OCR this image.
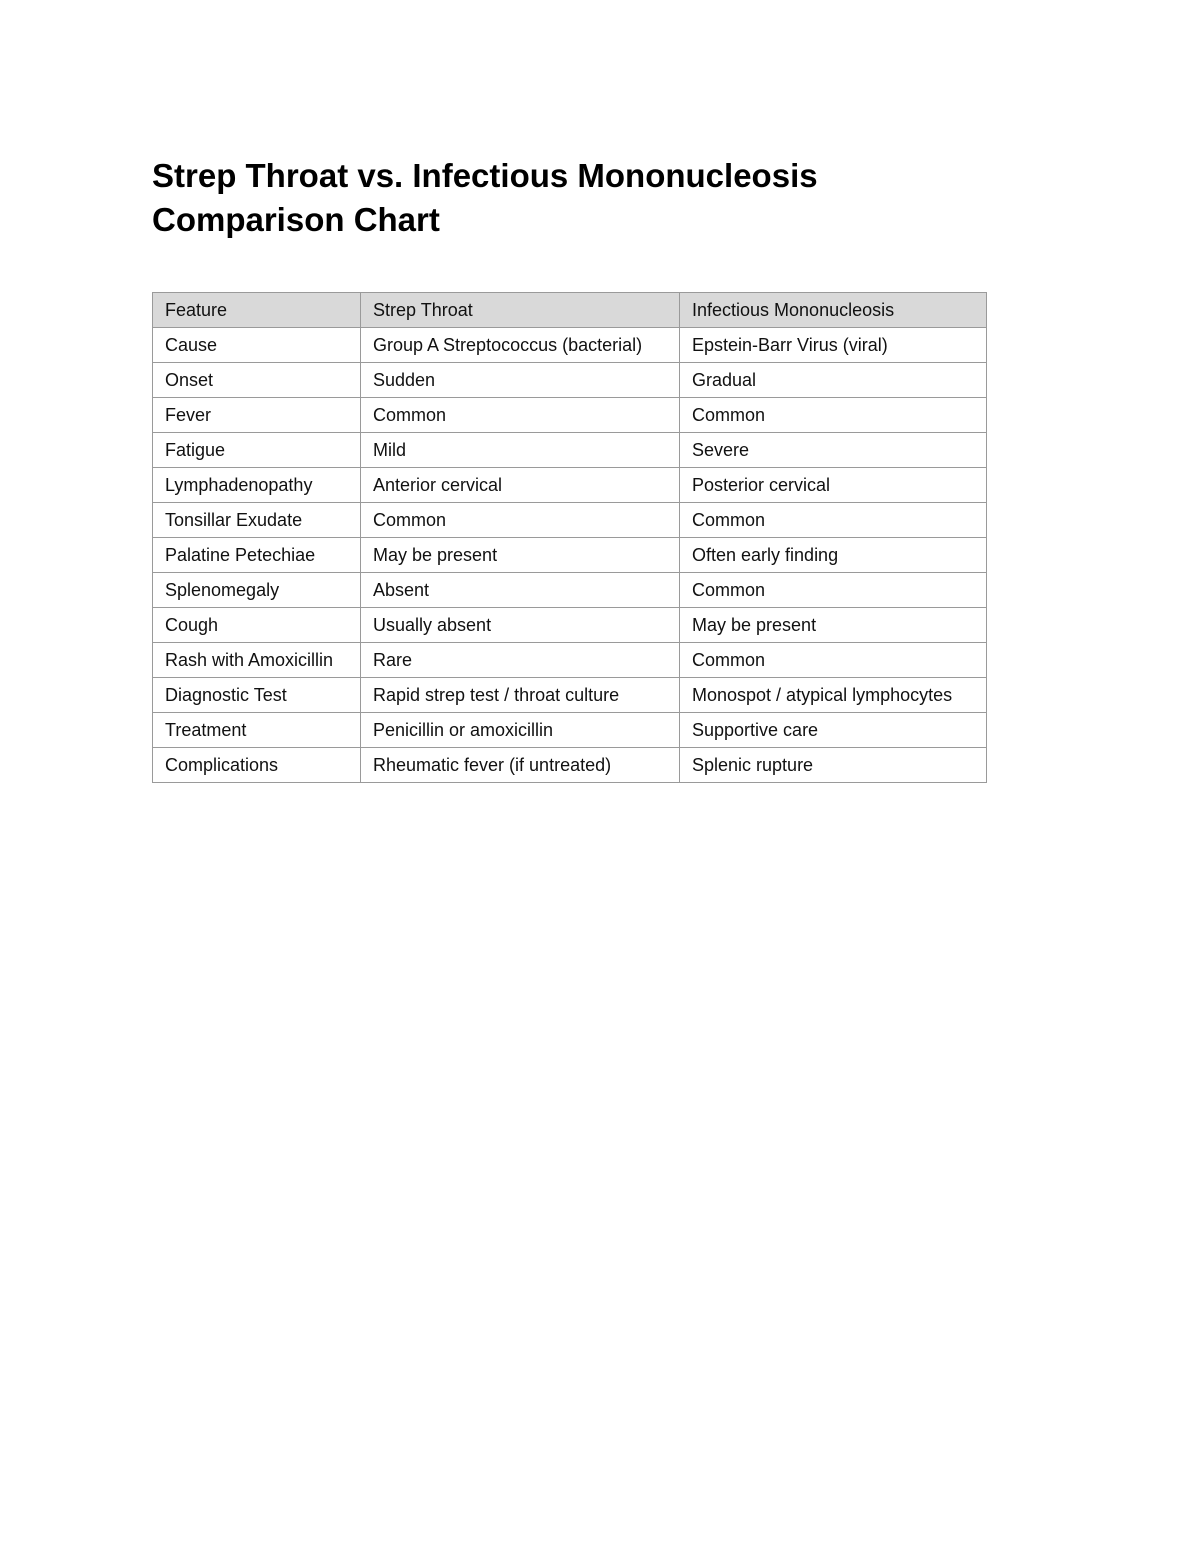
Strep Throat vs. Infectious Mononucleosis
Comparison Chart
Feature	Strep Throat	Infectious Mononucleosis
Cause	Group A Streptococcus (bacterial)	Epstein-Barr Virus (viral)
Onset	Sudden	Gradual
Fever	Common	Common
Fatigue	Mild	Severe
Lymphadenopathy	Anterior cervical	Posterior cervical
Tonsillar Exudate	Common	Common
Palatine Petechiae	May be present	Often early finding
Splenomegaly	Absent	Common
Cough	Usually absent	May be present
Rash with Amoxicillin	Rare	Common
Diagnostic Test	Rapid strep test / throat culture	Monospot / atypical lymphocytes
Treatment	Penicillin or amoxicillin	Supportive care
Complications	Rheumatic fever (if untreated)	Splenic rupture
